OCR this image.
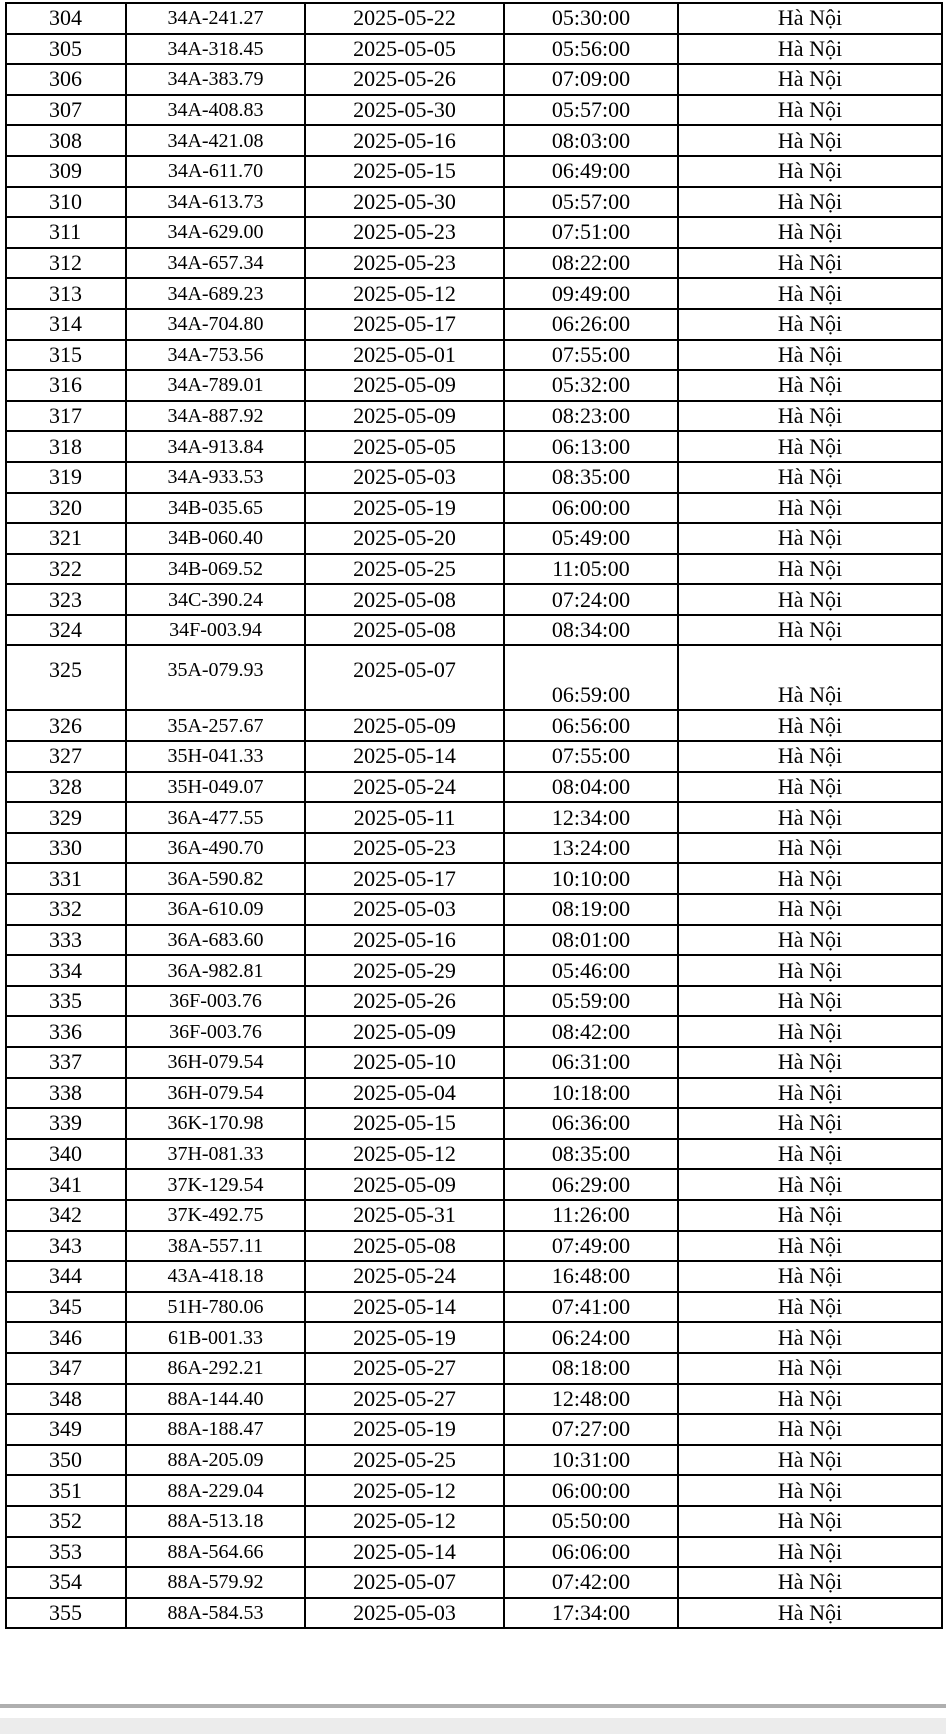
304	34A-241.27	2025-05-22	05:30:00	Hà Nội
305	34A-318.45	2025-05-05	05:56:00	Hà Nội
306	34A-383.79	2025-05-26	07:09:00	Hà Nội
307	34A-408.83	2025-05-30	05:57:00	Hà Nội
308	34A-421.08	2025-05-16	08:03:00	Hà Nội
309	34A-611.70	2025-05-15	06:49:00	Hà Nội
310	34A-613.73	2025-05-30	05:57:00	Hà Nội
311	34A-629.00	2025-05-23	07:51:00	Hà Nội
312	34A-657.34	2025-05-23	08:22:00	Hà Nội
313	34A-689.23	2025-05-12	09:49:00	Hà Nội
314	34A-704.80	2025-05-17	06:26:00	Hà Nội
315	34A-753.56	2025-05-01	07:55:00	Hà Nội
316	34A-789.01	2025-05-09	05:32:00	Hà Nội
317	34A-887.92	2025-05-09	08:23:00	Hà Nội
318	34A-913.84	2025-05-05	06:13:00	Hà Nội
319	34A-933.53	2025-05-03	08:35:00	Hà Nội
320	34B-035.65	2025-05-19	06:00:00	Hà Nội
321	34B-060.40	2025-05-20	05:49:00	Hà Nội
322	34B-069.52	2025-05-25	11:05:00	Hà Nội
323	34C-390.24	2025-05-08	07:24:00	Hà Nội
324	34F-003.94	2025-05-08	08:34:00	Hà Nội
325	35A-079.93	2025-05-07	06:59:00	Hà Nội
326	35A-257.67	2025-05-09	06:56:00	Hà Nội
327	35H-041.33	2025-05-14	07:55:00	Hà Nội
328	35H-049.07	2025-05-24	08:04:00	Hà Nội
329	36A-477.55	2025-05-11	12:34:00	Hà Nội
330	36A-490.70	2025-05-23	13:24:00	Hà Nội
331	36A-590.82	2025-05-17	10:10:00	Hà Nội
332	36A-610.09	2025-05-03	08:19:00	Hà Nội
333	36A-683.60	2025-05-16	08:01:00	Hà Nội
334	36A-982.81	2025-05-29	05:46:00	Hà Nội
335	36F-003.76	2025-05-26	05:59:00	Hà Nội
336	36F-003.76	2025-05-09	08:42:00	Hà Nội
337	36H-079.54	2025-05-10	06:31:00	Hà Nội
338	36H-079.54	2025-05-04	10:18:00	Hà Nội
339	36K-170.98	2025-05-15	06:36:00	Hà Nội
340	37H-081.33	2025-05-12	08:35:00	Hà Nội
341	37K-129.54	2025-05-09	06:29:00	Hà Nội
342	37K-492.75	2025-05-31	11:26:00	Hà Nội
343	38A-557.11	2025-05-08	07:49:00	Hà Nội
344	43A-418.18	2025-05-24	16:48:00	Hà Nội
345	51H-780.06	2025-05-14	07:41:00	Hà Nội
346	61B-001.33	2025-05-19	06:24:00	Hà Nội
347	86A-292.21	2025-05-27	08:18:00	Hà Nội
348	88A-144.40	2025-05-27	12:48:00	Hà Nội
349	88A-188.47	2025-05-19	07:27:00	Hà Nội
350	88A-205.09	2025-05-25	10:31:00	Hà Nội
351	88A-229.04	2025-05-12	06:00:00	Hà Nội
352	88A-513.18	2025-05-12	05:50:00	Hà Nội
353	88A-564.66	2025-05-14	06:06:00	Hà Nội
354	88A-579.92	2025-05-07	07:42:00	Hà Nội
355	88A-584.53	2025-05-03	17:34:00	Hà Nội
